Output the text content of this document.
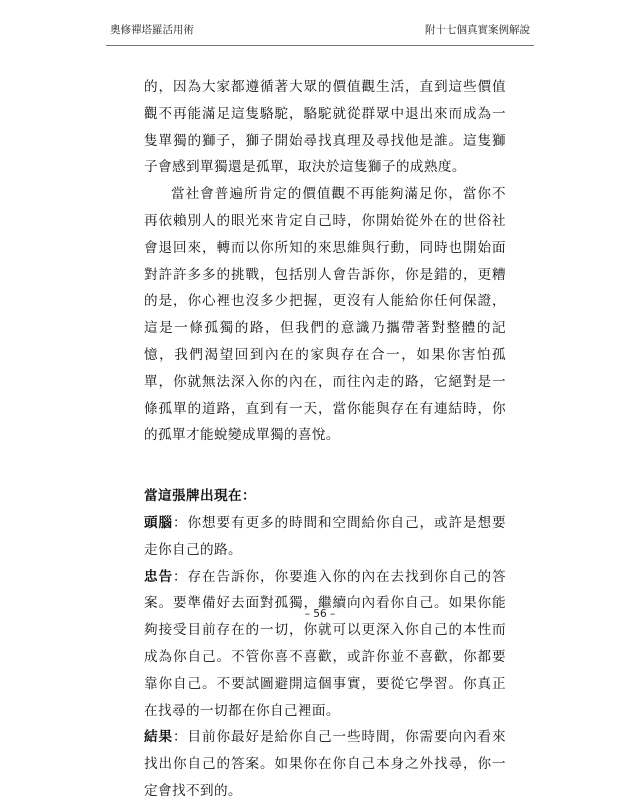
奧修禪塔羅活用術	附十七個真實案例解說

的，因為大家都遵循著大眾的價值觀生活，直到這些價值觀不再能滿足這隻駱駝，駱駝就從群眾中退出來而成為一隻單獨的獅子，獅子開始尋找真理及尋找他是誰。這隻獅子會感到單獨還是孤單，取決於這隻獅子的成熟度。

當社會普遍所肯定的價值觀不再能夠滿足你，當你不再依賴別人的眼光來肯定自己時，你開始從外在的世俗社會退回來，轉而以你所知的來思維與行動，同時也開始面對許許多多的挑戰，包括別人會告訴你，你是錯的，更糟的是，你心裡也沒多少把握，更沒有人能給你任何保證，這是一條孤獨的路，但我們的意識乃攜帶著對整體的記憶，我們渴望回到內在的家與存在合一，如果你害怕孤單，你就無法深入你的內在，而往內走的路，它絕對是一條孤單的道路，直到有一天，當你能與存在有連結時，你的孤單才能蛻變成單獨的喜悅。

當這張牌出現在：

頭腦：你想要有更多的時間和空間給你自己，或許是想要走你自己的路。

忠告：存在告訴你，你要進入你的內在去找到你自己的答案。要準備好去面對孤獨，繼續向內看你自己。如果你能夠接受目前存在的一切，你就可以更深入你自己的本性而成為你自己。不管你喜不喜歡，或許你並不喜歡，你都要靠你自己。不要試圖避開這個事實，要從它學習。你真正在找尋的一切都在你自己裡面。

結果：目前你最好是給你自己一些時間，你需要向內看來找出你自己的答案。如果你在你自己本身之外找尋，你一定會找不到的。

– 56 –
